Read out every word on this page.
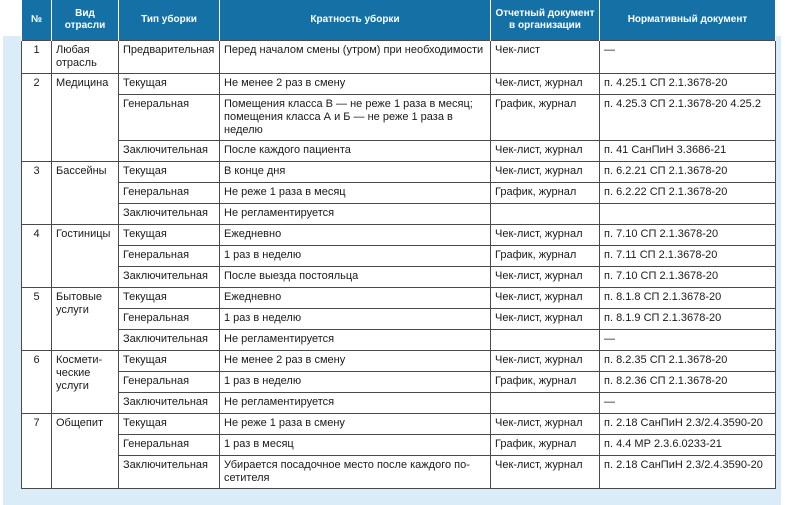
№	Вид отрасли	Тип уборки	Кратность уборки	Отчетный документ в организации	Нормативный документ
1	Любая отрасль	Предварительная	Перед началом смены (утром) при необходимости	Чек-лист	—
2	Медицина	Текущая	Не менее 2 раз в смену	Чек-лист, журнал	п. 4.25.1 СП 2.1.3678-20
		Генеральная	Помещения класса В — не реже 1 раза в месяц;
помещения класса А и Б — не реже 1 раза в неделю	График, журнал	п. 4.25.3 СП 2.1.3678-20 4.25.2
		Заключительная	После каждого пациента	Чек-лист, журнал	п. 41 СанПиН 3.3686-21
3	Бассейны	Текущая	В конце дня	Чек-лист, журнал	п. 6.2.21 СП 2.1.3678-20
		Генеральная	Не реже 1 раза в месяц	График, журнал	п. 6.2.22 СП 2.1.3678-20
		Заключительная	Не регламентируется		
4	Гостиницы	Текущая	Ежедневно	Чек-лист, журнал	п. 7.10 СП 2.1.3678-20
		Генеральная	1 раз в неделю	График, журнал	п. 7.11 СП 2.1.3678-20
		Заключительная	После выезда постояльца	Чек-лист, журнал	п. 7.10 СП 2.1.3678-20
5	Бытовые
услуги	Текущая	Ежедневно	Чек-лист, журнал	п. 8.1.8 СП 2.1.3678-20
		Генеральная	1 раз в неделю	Чек-лист, журнал	п. 8.1.9 СП 2.1.3678-20
		Заключительная	Не регламентируется		—
6	Космети-
ческие
услуги	Текущая	Не менее 2 раз в смену	Чек-лист, журнал	п. 8.2.35 СП 2.1.3678-20
		Генеральная	1 раз в неделю	График, журнал	п. 8.2.36 СП 2.1.3678-20
		Заключительная	Не регламентируется		—
7	Общепит	Текущая	Не реже 1 раза в смену	Чек-лист, журнал	п. 2.18 СанПиН 2.3/2.4.3590-20
		Генеральная	1 раз в месяц	График, журнал	п. 4.4 МР 2.3.6.0233-21
		Заключительная	Убирается посадочное место после каждого по-
сетителя	Чек-лист, журнал	п. 2.18 СанПиН 2.3/2.4.3590-20
